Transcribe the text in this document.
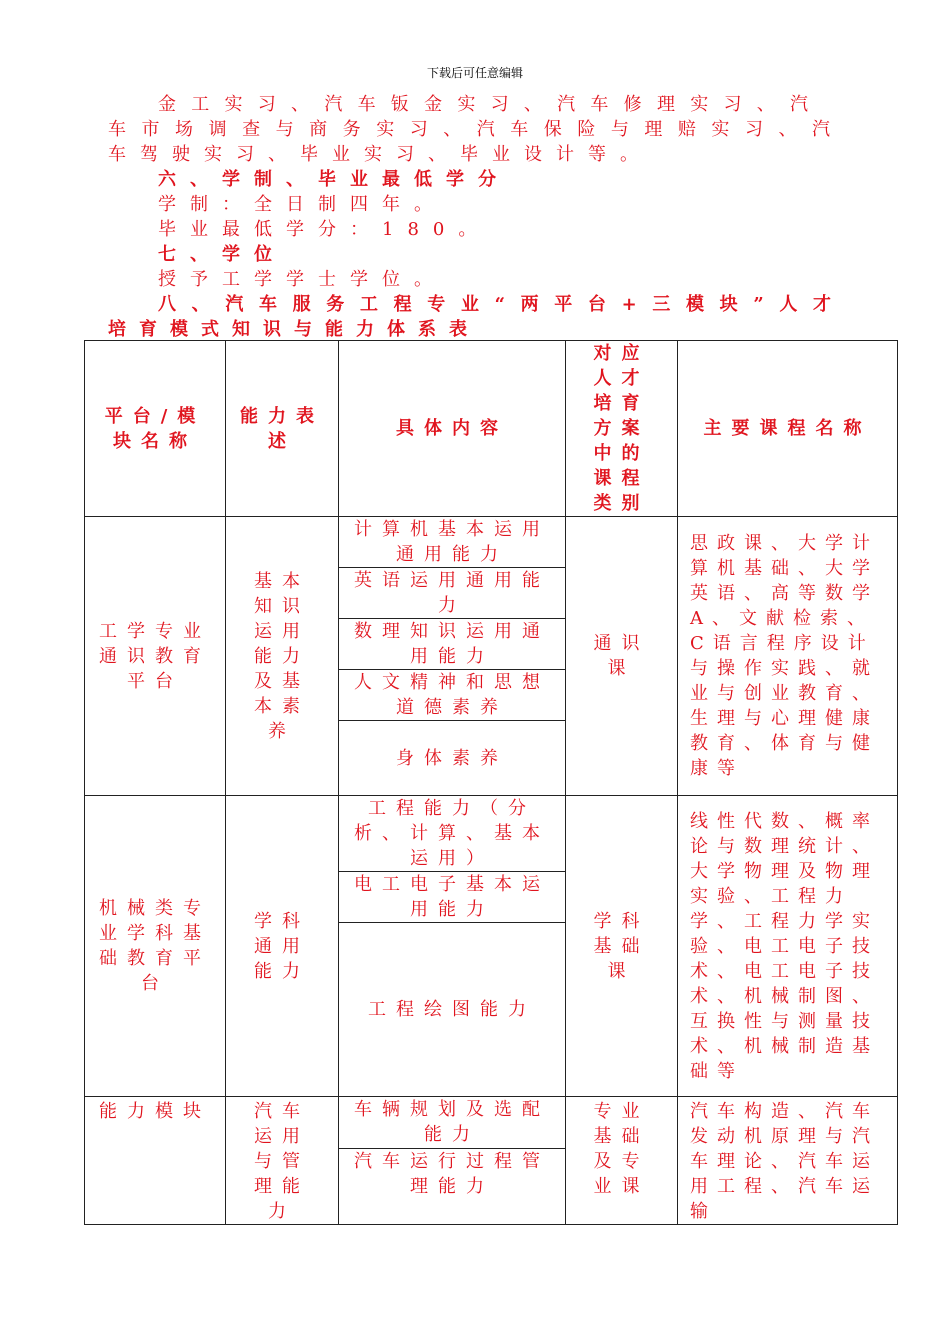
下载后可任意编辑
金工实习、汽车钣金实习、汽车修理实习、汽
车市场调查与商务实习、汽车保险与理赔实习、汽
车驾驶实习、毕业实习、毕业设计等。
六、学制、毕业最低学分
学制：全日制四年。
毕业最低学分：180。
七、学位
授予工学学士学位。
八、汽车服务工程专业“两平台+三模块”人才
培育模式知识与能力体系表
平台/模块名称	能力表述	具体内容	对应人才培育方案中的课程类别	主要课程名称

工学专业通识教育平台	基本知识运用能力及基本素养	计算机基本运用通用能力	通识课	思政课、大学计算机基础、大学英语、高等数学A、文献检索、C语言程序设计与操作实践、就业与创业教育、生理与心理健康教育、体育与健康等

		英语运用通用能力		

		数理知识运用通用能力		

		人文精神和思想道德素养		

		身体素养		

机械类专业学科基础教育平台	学科通用能力	工程能力（分析、计算、基本运用）	学科基础课	线性代数、概率论与数理统计、大学物理及物理实验、工程力学、工程力学实验、电工电子技术、电工电子技术、机械制图、互换性与测量技术、机械制造基础等

		电工电子基本运用能力		

		工程绘图能力		

能力模块	汽车运用与管理能力	车辆规划及选配能力	专业基础及专业课	汽车构造、汽车发动机原理与汽车理论、汽车运用工程、汽车运输

		汽车运行过程管理能力		
